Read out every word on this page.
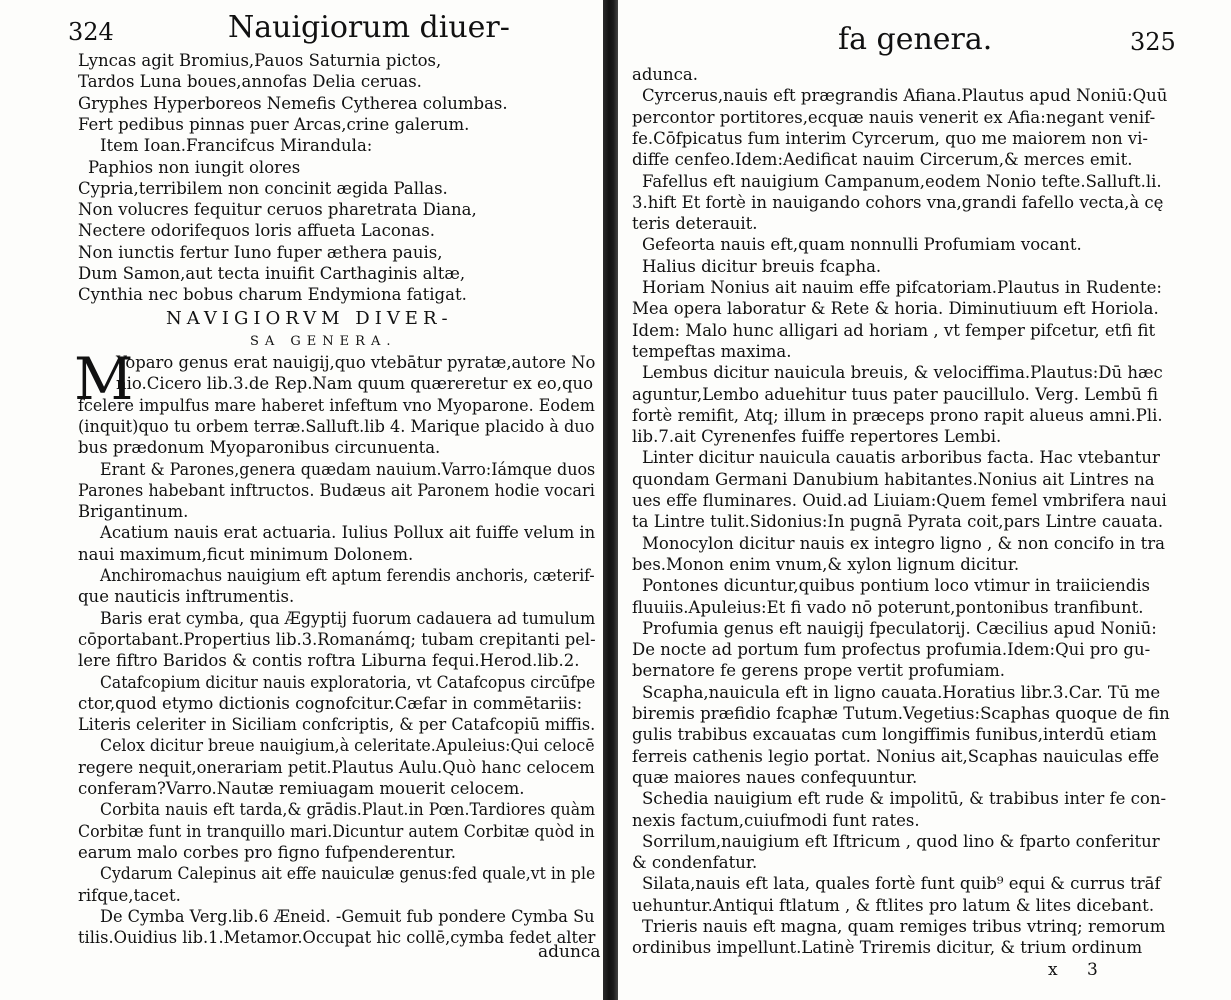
324	Nauigiorum diuer-
Lyncas agit Bromius,Pauos Saturnia pictos,
Tardos Luna boues,annofas Delia ceruas.
Gryphes Hyperboreos Nemefis Cytherea columbas.
Fert pedibus pinnas puer Arcas,crine galerum.
Item Ioan.Francifcus Mirandula:
Paphios non iungit olores
Cypria,terribilem non concinit ægida Pallas.
Non volucres fequitur ceruos pharetrata Diana,
Nectere odorifequos loris affueta Laconas.
Non iunctis fertur Iuno fuper æthera pauis,
Dum Samon,aut tecta inuifit Carthaginis altæ,
Cynthia nec bobus charum Endymiona fatigat.
NAVIGIORVM DIVER-
SA GENERA.
M
Yoparo genus erat nauigij,quo vtebātur pyratæ,autore No
nio.Cicero lib.3.de Rep.Nam quum quæreretur ex eo,quo
fcelere impulfus mare haberet infeftum vno Myoparone. Eodem
(inquit)quo tu orbem terræ.Salluft.lib 4. Marique placido à duo
bus prædonum Myoparonibus circunuenta.
Erant & Parones,genera quædam nauium.Varro:Iámque duos
Parones habebant inftructos. Budæus ait Paronem hodie vocari
Brigantinum.
Acatium nauis erat actuaria. Iulius Pollux ait fuiffe velum in
naui maximum,ficut minimum Dolonem.
Anchiromachus nauigium eft aptum ferendis anchoris, cæterif-
que nauticis inftrumentis.
Baris erat cymba, qua Ægyptij fuorum cadauera ad tumulum
cōportabant.Propertius lib.3.Romanámq; tubam crepitanti pel-
lere fiftro Baridos & contis roftra Liburna fequi.Herod.lib.2.
Catafcopium dicitur nauis exploratoria, vt Catafcopus circūfpe
ctor,quod etymo dictionis cognofcitur.Cæfar in commētariis:
Literis celeriter in Siciliam confcriptis, & per Catafcopiū miffis.
Celox dicitur breue nauigium,à celeritate.Apuleius:Qui celocē
regere nequit,onerariam petit.Plautus Aulu.Quò hanc celocem
conferam?Varro.Nautæ remiuagam mouerit celocem.
Corbita nauis eft tarda,& grādis.Plaut.in Pœn.Tardiores quàm
Corbitæ funt in tranquillo mari.Dicuntur autem Corbitæ quòd in
earum malo corbes pro figno fufpenderentur.
Cydarum Calepinus ait effe nauiculæ genus:fed quale,vt in ple
rifque,tacet.
De Cymba Verg.lib.6 Æneid. -Gemuit fub pondere Cymba Su
tilis.Ouidius lib.1.Metamor.Occupat hic collē,cymba fedet alter
adunca
fa genera.	325
adunca.
Cyrcerus,nauis eft prægrandis Afiana.Plautus apud Noniū:Quū
percontor portitores,ecquæ nauis venerit ex Afia:negant venif-
fe.Cōfpicatus fum interim Cyrcerum, quo me maiorem non vi-
diffe cenfeo.Idem:Aedificat nauim Circerum,& merces emit.
Fafellus eft nauigium Campanum,eodem Nonio tefte.Salluft.li.
3.hift Et fortè in nauigando cohors vna,grandi fafello vecta,à cę
teris deterauit.
Gefeorta nauis eft,quam nonnulli Profumiam vocant.
Halius dicitur breuis fcapha.
Horiam Nonius ait nauim effe pifcatoriam.Plautus in Rudente:
Mea opera laboratur & Rete & horia. Diminutiuum eft Horiola.
Idem: Malo hunc alligari ad horiam , vt femper pifcetur, etfi fit
tempeftas maxima.
Lembus dicitur nauicula breuis, & velociffima.Plautus:Dū hæc
aguntur,Lembo aduehitur tuus pater paucillulo. Verg. Lembū fi
fortè remifit, Atq; illum in præceps prono rapit alueus amni.Pli.
lib.7.ait Cyrenenfes fuiffe repertores Lembi.
Linter dicitur nauicula cauatis arboribus facta. Hac vtebantur
quondam Germani Danubium habitantes.Nonius ait Lintres na
ues effe fluminares. Ouid.ad Liuiam:Quem femel vmbrifera naui
ta Lintre tulit.Sidonius:In pugnā Pyrata coit,pars Lintre cauata.
Monocylon dicitur nauis ex integro ligno , & non concifo in tra
bes.Monon enim vnum,& xylon lignum dicitur.
Pontones dicuntur,quibus pontium loco vtimur in traiiciendis
fluuiis.Apuleius:Et fi vado nō poterunt,pontonibus tranfibunt.
Profumia genus eft nauigij fpeculatorij. Cæcilius apud Noniū:
De nocte ad portum fum profectus profumia.Idem:Qui pro gu-
bernatore fe gerens prope vertit profumiam.
Scapha,nauicula eft in ligno cauata.Horatius libr.3.Car. Tū me
biremis præfidio fcaphæ Tutum.Vegetius:Scaphas quoque de fin
gulis trabibus excauatas cum longiffimis funibus,interdū etiam
ferreis cathenis legio portat. Nonius ait,Scaphas nauiculas effe
quæ maiores naues confequuntur.
Schedia nauigium eft rude & impolitū, & trabibus inter fe con-
nexis factum,cuiufmodi funt rates.
Sorrilum,nauigium eft Iftricum , quod lino & fparto conferitur
& condenfatur.
Silata,nauis eft lata, quales fortè funt quib⁹ equi & currus trāf
uehuntur.Antiqui ftlatum , & ftlites pro latum & lites dicebant.
Trieris nauis eft magna, quam remiges tribus vtrinq; remorum
ordinibus impellunt.Latinè Triremis dicitur, & trium ordinum
x 3
